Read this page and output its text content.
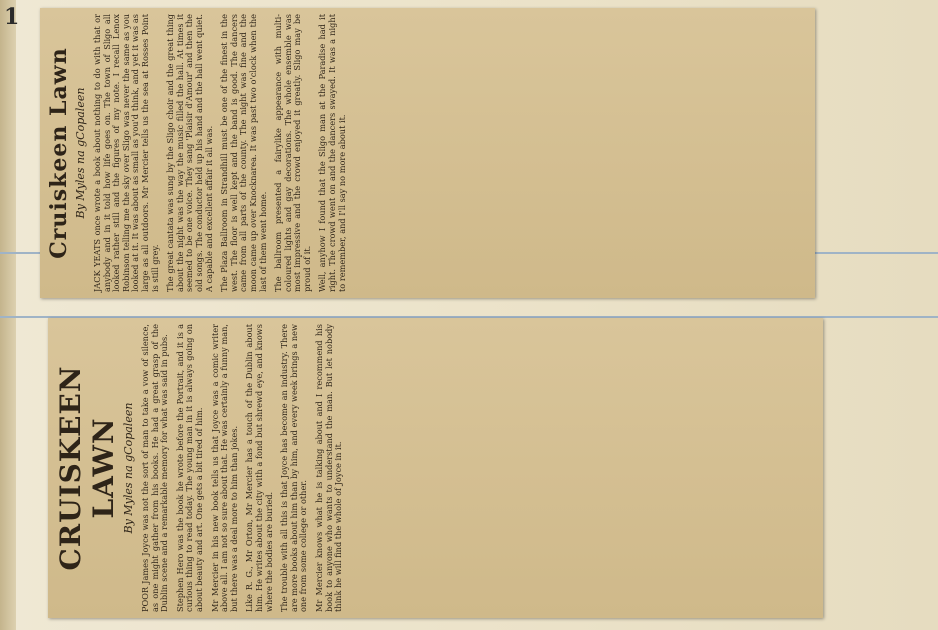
1
Cruiskeen Lawn By Myles na gCopaleen JACK YEATS once wrote a book about nothing to do with that or anybody and in it told how life goes on. The town of Sligo all looked rather still and the figures of my note. I recall Lenox Robinson telling me the sky over Sligo was never the same as you looked at it. It was about as small as you'd think, and yet it was as large as all outdoors. Mr Mercier tells us the sea at Rosses Point is still grey. The great cantata was sung by the Sligo choir and the great thing about the night was the way the music filled the hall. At times it seemed to be one voice. They sang 'Plaisir d'Amour' and then the old songs. The conductor held up his hand and the hall went quiet. A capable and excellent affair it all was. The Plaza Ballroom in Strandhill must be one of the finest in the west. The floor is well kept and the band is good. The dancers came from all parts of the county. The night was fine and the moon came up over Knocknarea. It was past two o'clock when the last of them went home. The ballroom presented a fairylike appearance with multi-coloured lights and gay decorations. The whole ensemble was most impressive and the crowd enjoyed it greatly. Sligo may be proud of it. Well, anyhow I found that the Sligo man at the Paradise had it right. The crowd went on and the dancers swayed. It was a night to remember, and I'll say no more about it.

CRUISKEEN LAWN By Myles na gCopaleen POOR James Joyce was not the sort of man to take a vow of silence, as one might gather from his books. He had a great grasp of the Dublin scene and a remarkable memory for what was said in pubs. Stephen Hero was the book he wrote before the Portrait, and it is a curious thing to read today. The young man in it is always going on about beauty and art. One gets a bit tired of him. Mr Mercier in his new book tells us that Joyce was a comic writer above all. I am not so sure about that. He was certainly a funny man, but there was a deal more to him than jokes. Like R. G., Mr Orton, Mr Mercier has a touch of the Dublin about him. He writes about the city with a fond but shrewd eye, and knows where the bodies are buried. The trouble with all this is that Joyce has become an industry. There are more books about him than by him, and every week brings a new one from some college or other. Mr Mercier knows what he is talking about and I recommend his book to anyone who wants to understand the man. But let nobody think he will find the whole of Joyce in it.
